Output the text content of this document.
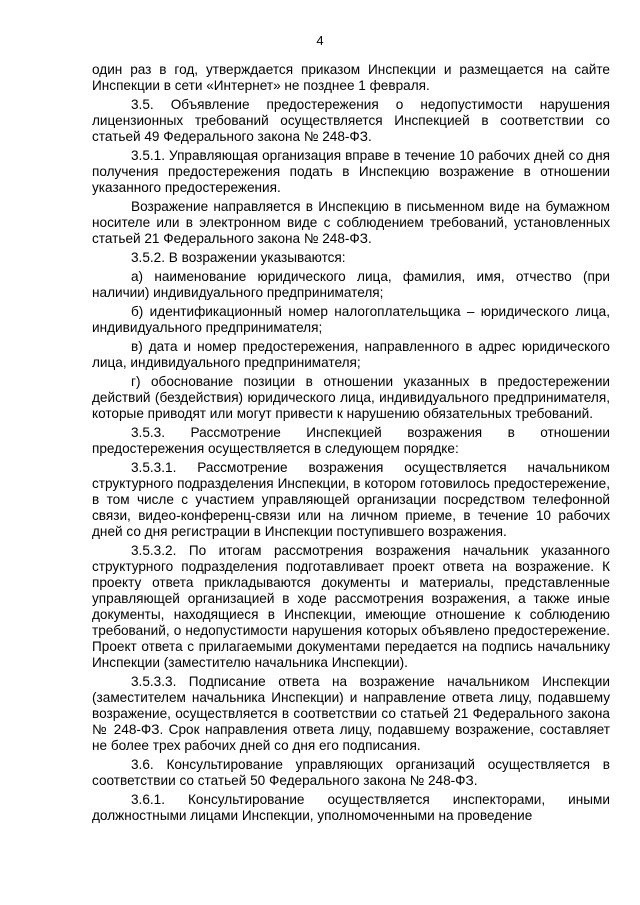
4

один раз в год, утверждается приказом Инспекции и размещается на сайте Инспекции в сети «Интернет» не позднее 1 февраля.

3.5. Объявление предостережения о недопустимости нарушения лицензионных требований осуществляется Инспекцией в соответствии со статьей 49 Федерального закона № 248-ФЗ.

3.5.1. Управляющая организация вправе в течение 10 рабочих дней со дня получения предостережения подать в Инспекцию возражение в отношении указанного предостережения.

Возражение направляется в Инспекцию в письменном виде на бумажном носителе или в электронном виде с соблюдением требований, установленных статьей 21 Федерального закона № 248-ФЗ.

3.5.2. В возражении указываются:

а) наименование юридического лица, фамилия, имя, отчество (при наличии) индивидуального предпринимателя;

б) идентификационный номер налогоплательщика – юридического лица, индивидуального предпринимателя;

в) дата и номер предостережения, направленного в адрес юридического лица, индивидуального предпринимателя;

г) обоснование позиции в отношении указанных в предостережении действий (бездействия) юридического лица, индивидуального предпринимателя, которые приводят или могут привести к нарушению обязательных требований.

3.5.3. Рассмотрение Инспекцией возражения в отношении предостережения осуществляется в следующем порядке:

3.5.3.1. Рассмотрение возражения осуществляется начальником структурного подразделения Инспекции, в котором готовилось предостережение, в том числе с участием управляющей организации посредством телефонной связи, видео-конференц-связи или на личном приеме, в течение 10 рабочих дней со дня регистрации в Инспекции поступившего возражения.

3.5.3.2. По итогам рассмотрения возражения начальник указанного структурного подразделения подготавливает проект ответа на возражение. К проекту ответа прикладываются документы и материалы, представленные управляющей организацией в ходе рассмотрения возражения, а также иные документы, находящиеся в Инспекции, имеющие отношение к соблюдению требований, о недопустимости нарушения которых объявлено предостережение. Проект ответа с прилагаемыми документами передается на подпись начальнику Инспекции (заместителю начальника Инспекции).

3.5.3.3. Подписание ответа на возражение начальником Инспекции (заместителем начальника Инспекции) и направление ответа лицу, подавшему возражение, осуществляется в соответствии со статьей 21 Федерального закона № 248-ФЗ. Срок направления ответа лицу, подавшему возражение, составляет не более трех рабочих дней со дня его подписания.

3.6. Консультирование управляющих организаций осуществляется в соответствии со статьей 50 Федерального закона № 248-ФЗ.

3.6.1. Консультирование осуществляется инспекторами, иными должностными лицами Инспекции, уполномоченными на проведение
